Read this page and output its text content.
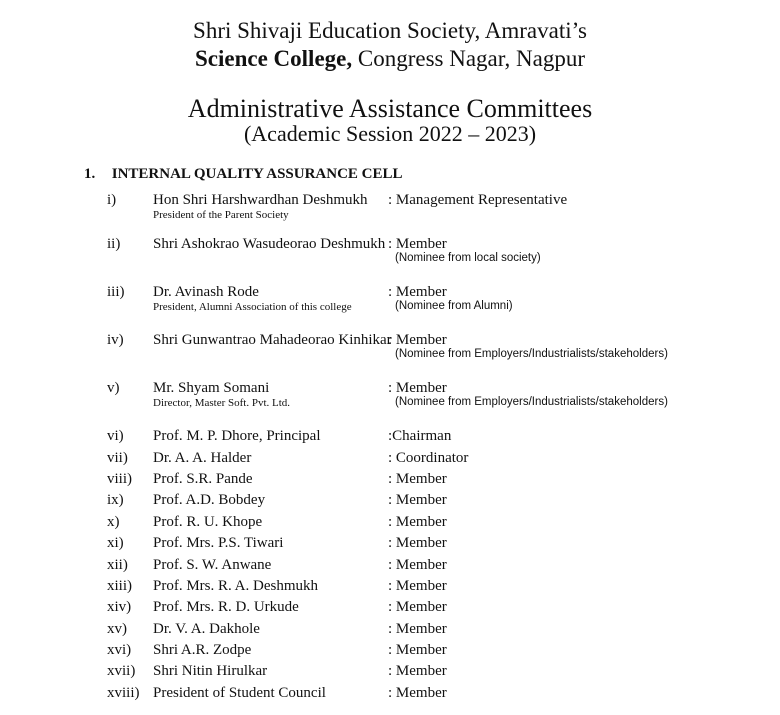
Shri Shivaji Education Society, Amravati’s
Science College, Congress Nagar, Nagpur
Administrative Assistance Committees
(Academic Session 2022 – 2023)
1. INTERNAL QUALITY ASSURANCE CELL
i) Hon Shri Harshwardhan Deshmukh : Management Representative
President of the Parent Society
ii) Shri Ashokrao Wasudeorao Deshmukh : Member
(Nominee from local society)
iii) Dr. Avinash Rode	: Member
President, Alumni Association of this college	(Nominee from Alumni)
iv) Shri Gunwantrao Mahadeorao Kinhikar
: Member
(Nominee from Employers/Industrialists/stakeholders)
v) Mr. Shyam Somani	: Member
Director, Master Soft. Pvt. Ltd.	(Nominee from Employers/Industrialists/stakeholders)
vi) Prof. M. P. Dhore, Principal	:Chairman
vii) Dr. A. A. Halder	: Coordinator
viii) Prof. S.R. Pande	: Member
ix) Prof. A.D. Bobdey	: Member
x) Prof. R. U. Khope	: Member
xi) Prof. Mrs. P.S. Tiwari	: Member
xii) Prof. S. W. Anwane	: Member
xiii) Prof. Mrs. R. A. Deshmukh	: Member
xiv) Prof. Mrs. R. D. Urkude	: Member
xv) Dr. V. A. Dakhole	: Member
xvi) Shri A.R. Zodpe	: Member
xvii) Shri Nitin Hirulkar	: Member
xviii) President of Student Council	: Member
